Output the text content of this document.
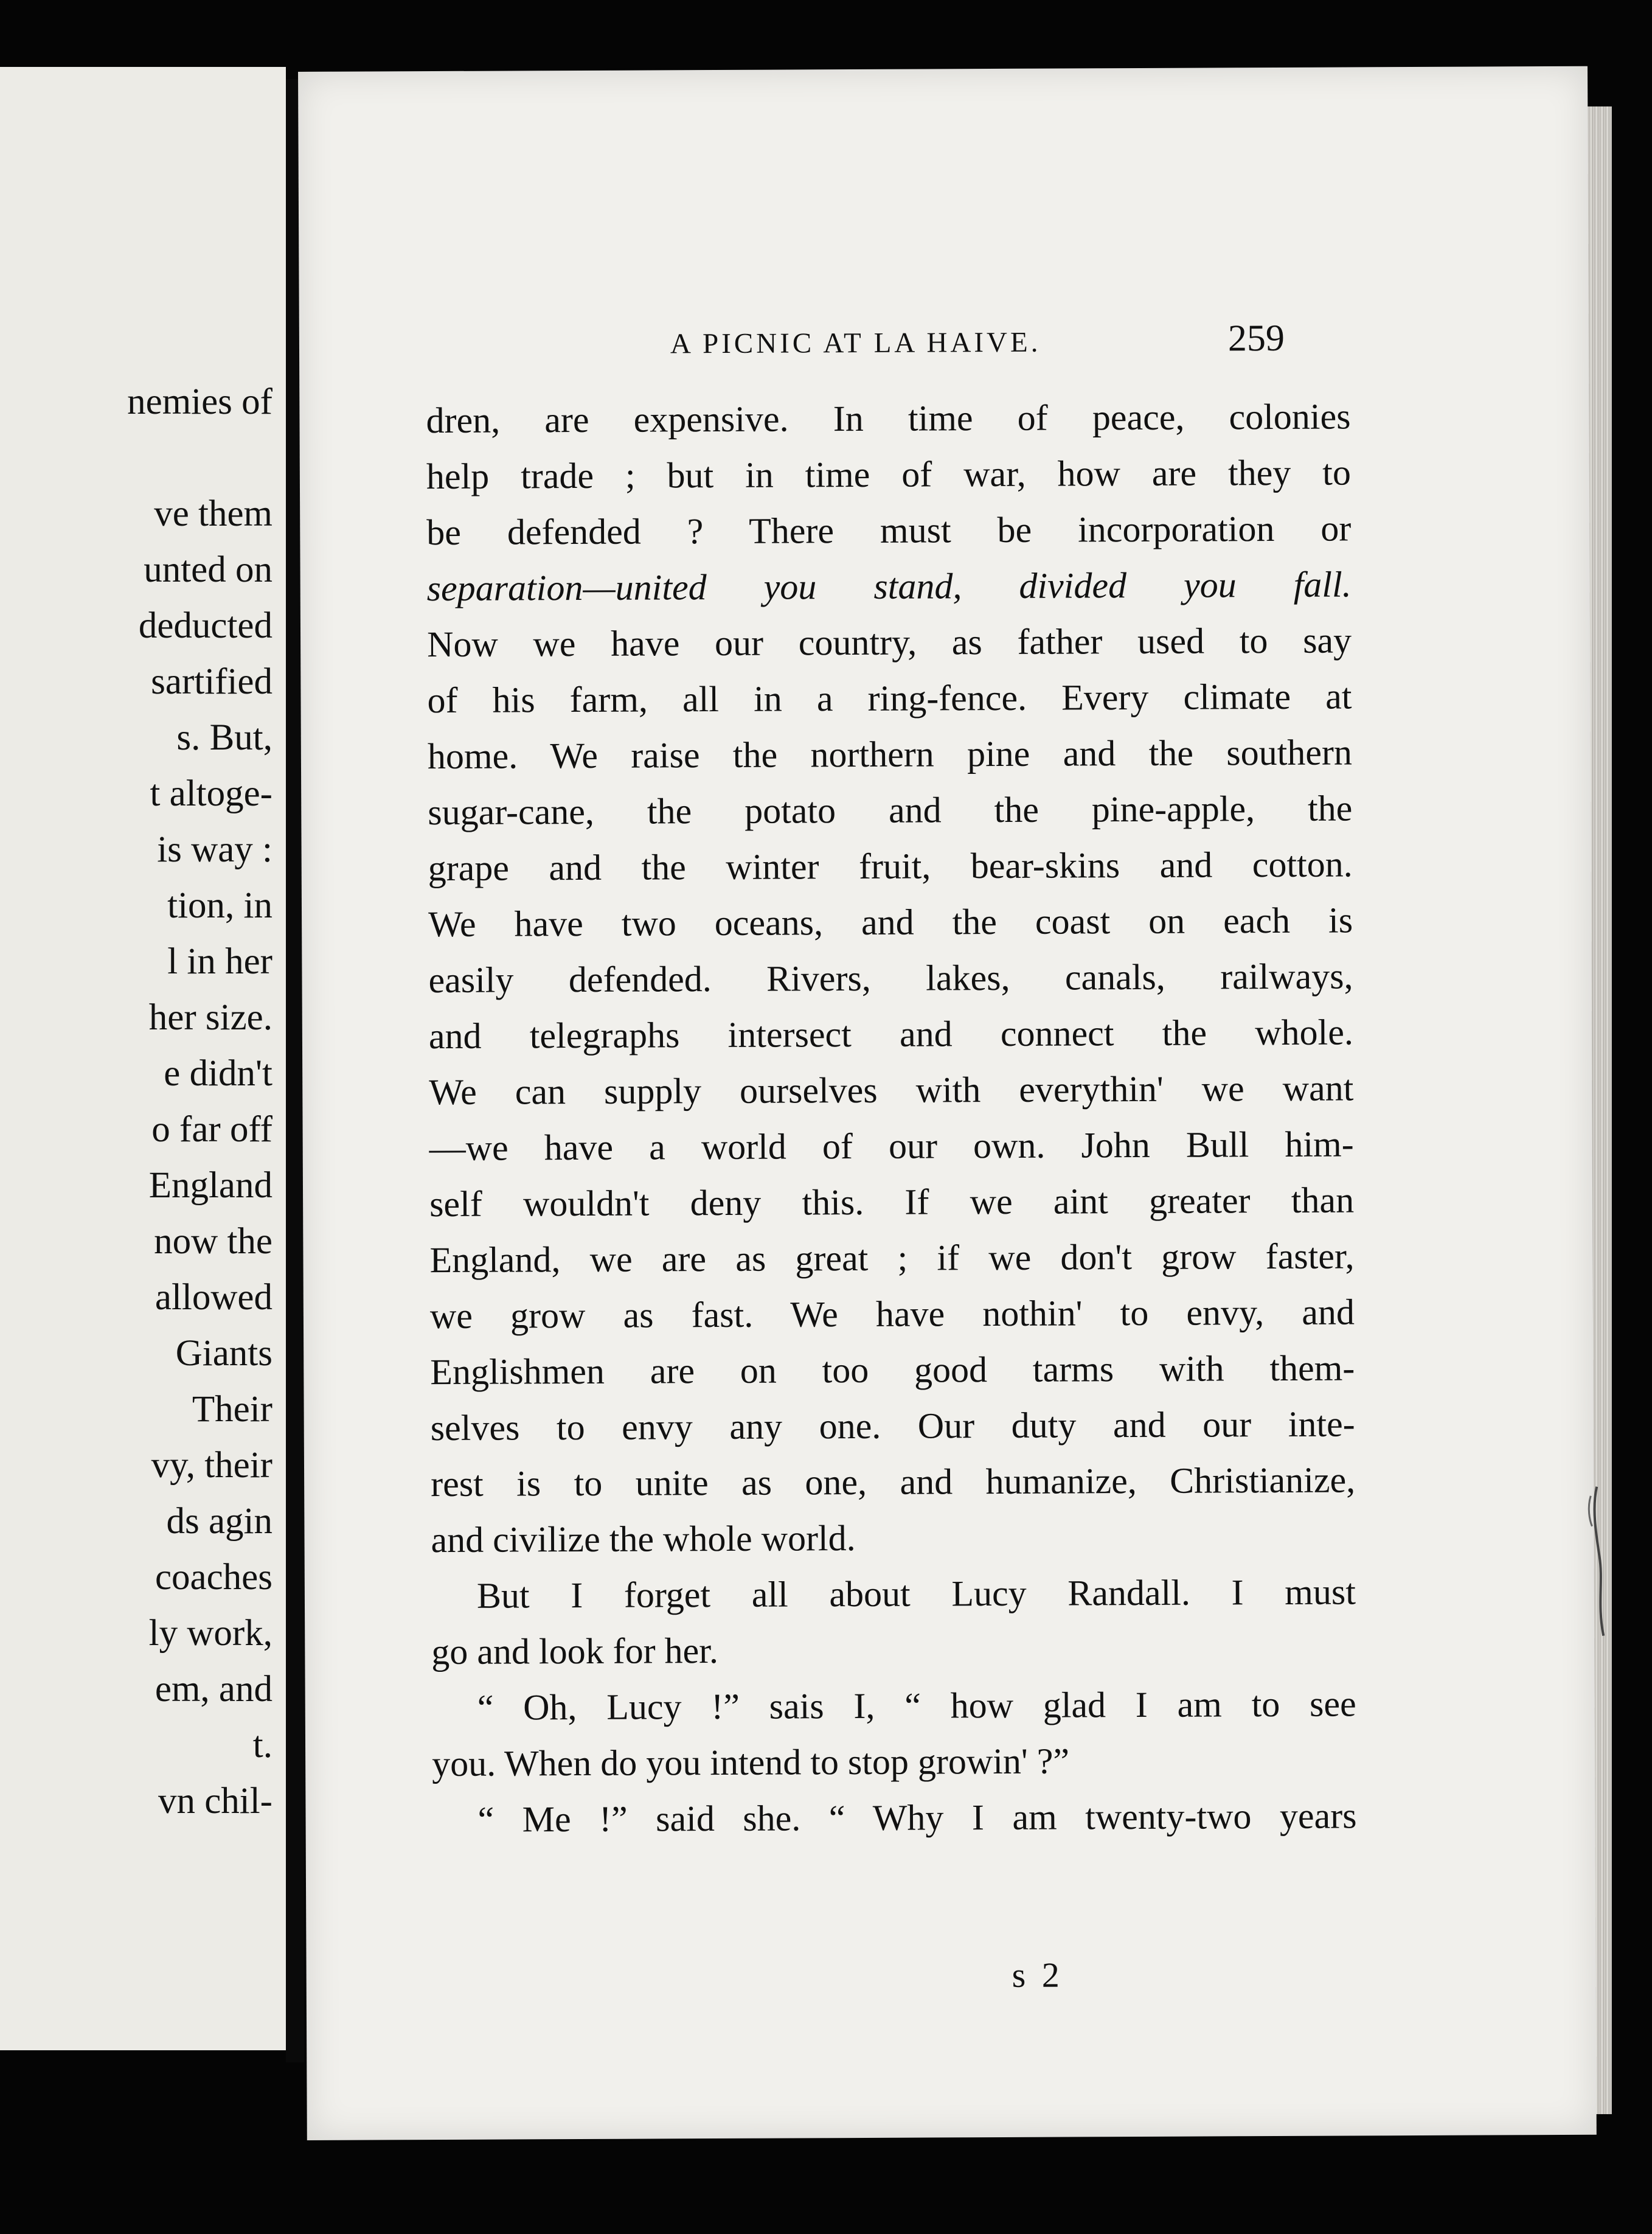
nemies of
ve them
unted on
deducted
sartified
s. But,
t altoge-
is way :
tion, in
l in her
her size.
e didn't
o far off
England
now the
allowed
Giants
Their
vy, their
ds agin
coaches
ly work,
em, and
t.
vn chil-
A PICNIC AT LA HAIVE.	259
dren, are expensive. In time of peace, colonies
help trade ; but in time of war, how are they to
be defended ? There must be incorporation or
separation—united you stand, divided you fall.
Now we have our country, as father used to say
of his farm, all in a ring-fence. Every climate at
home. We raise the northern pine and the southern
sugar-cane, the potato and the pine-apple, the
grape and the winter fruit, bear-skins and cotton.
We have two oceans, and the coast on each is
easily defended. Rivers, lakes, canals, railways,
and telegraphs intersect and connect the whole.
We can supply ourselves with everythin' we want
—we have a world of our own. John Bull him-
self wouldn't deny this. If we aint greater than
England, we are as great ; if we don't grow faster,
we grow as fast. We have nothin' to envy, and
Englishmen are on too good tarms with them-
selves to envy any one. Our duty and our inte-
rest is to unite as one, and humanize, Christianize,
and civilize the whole world.
But I forget all about Lucy Randall. I must
go and look for her.
“ Oh, Lucy !” sais I, “ how glad I am to see
you. When do you intend to stop growin' ?”
“ Me !” said she. “ Why I am twenty-two years
s 2
